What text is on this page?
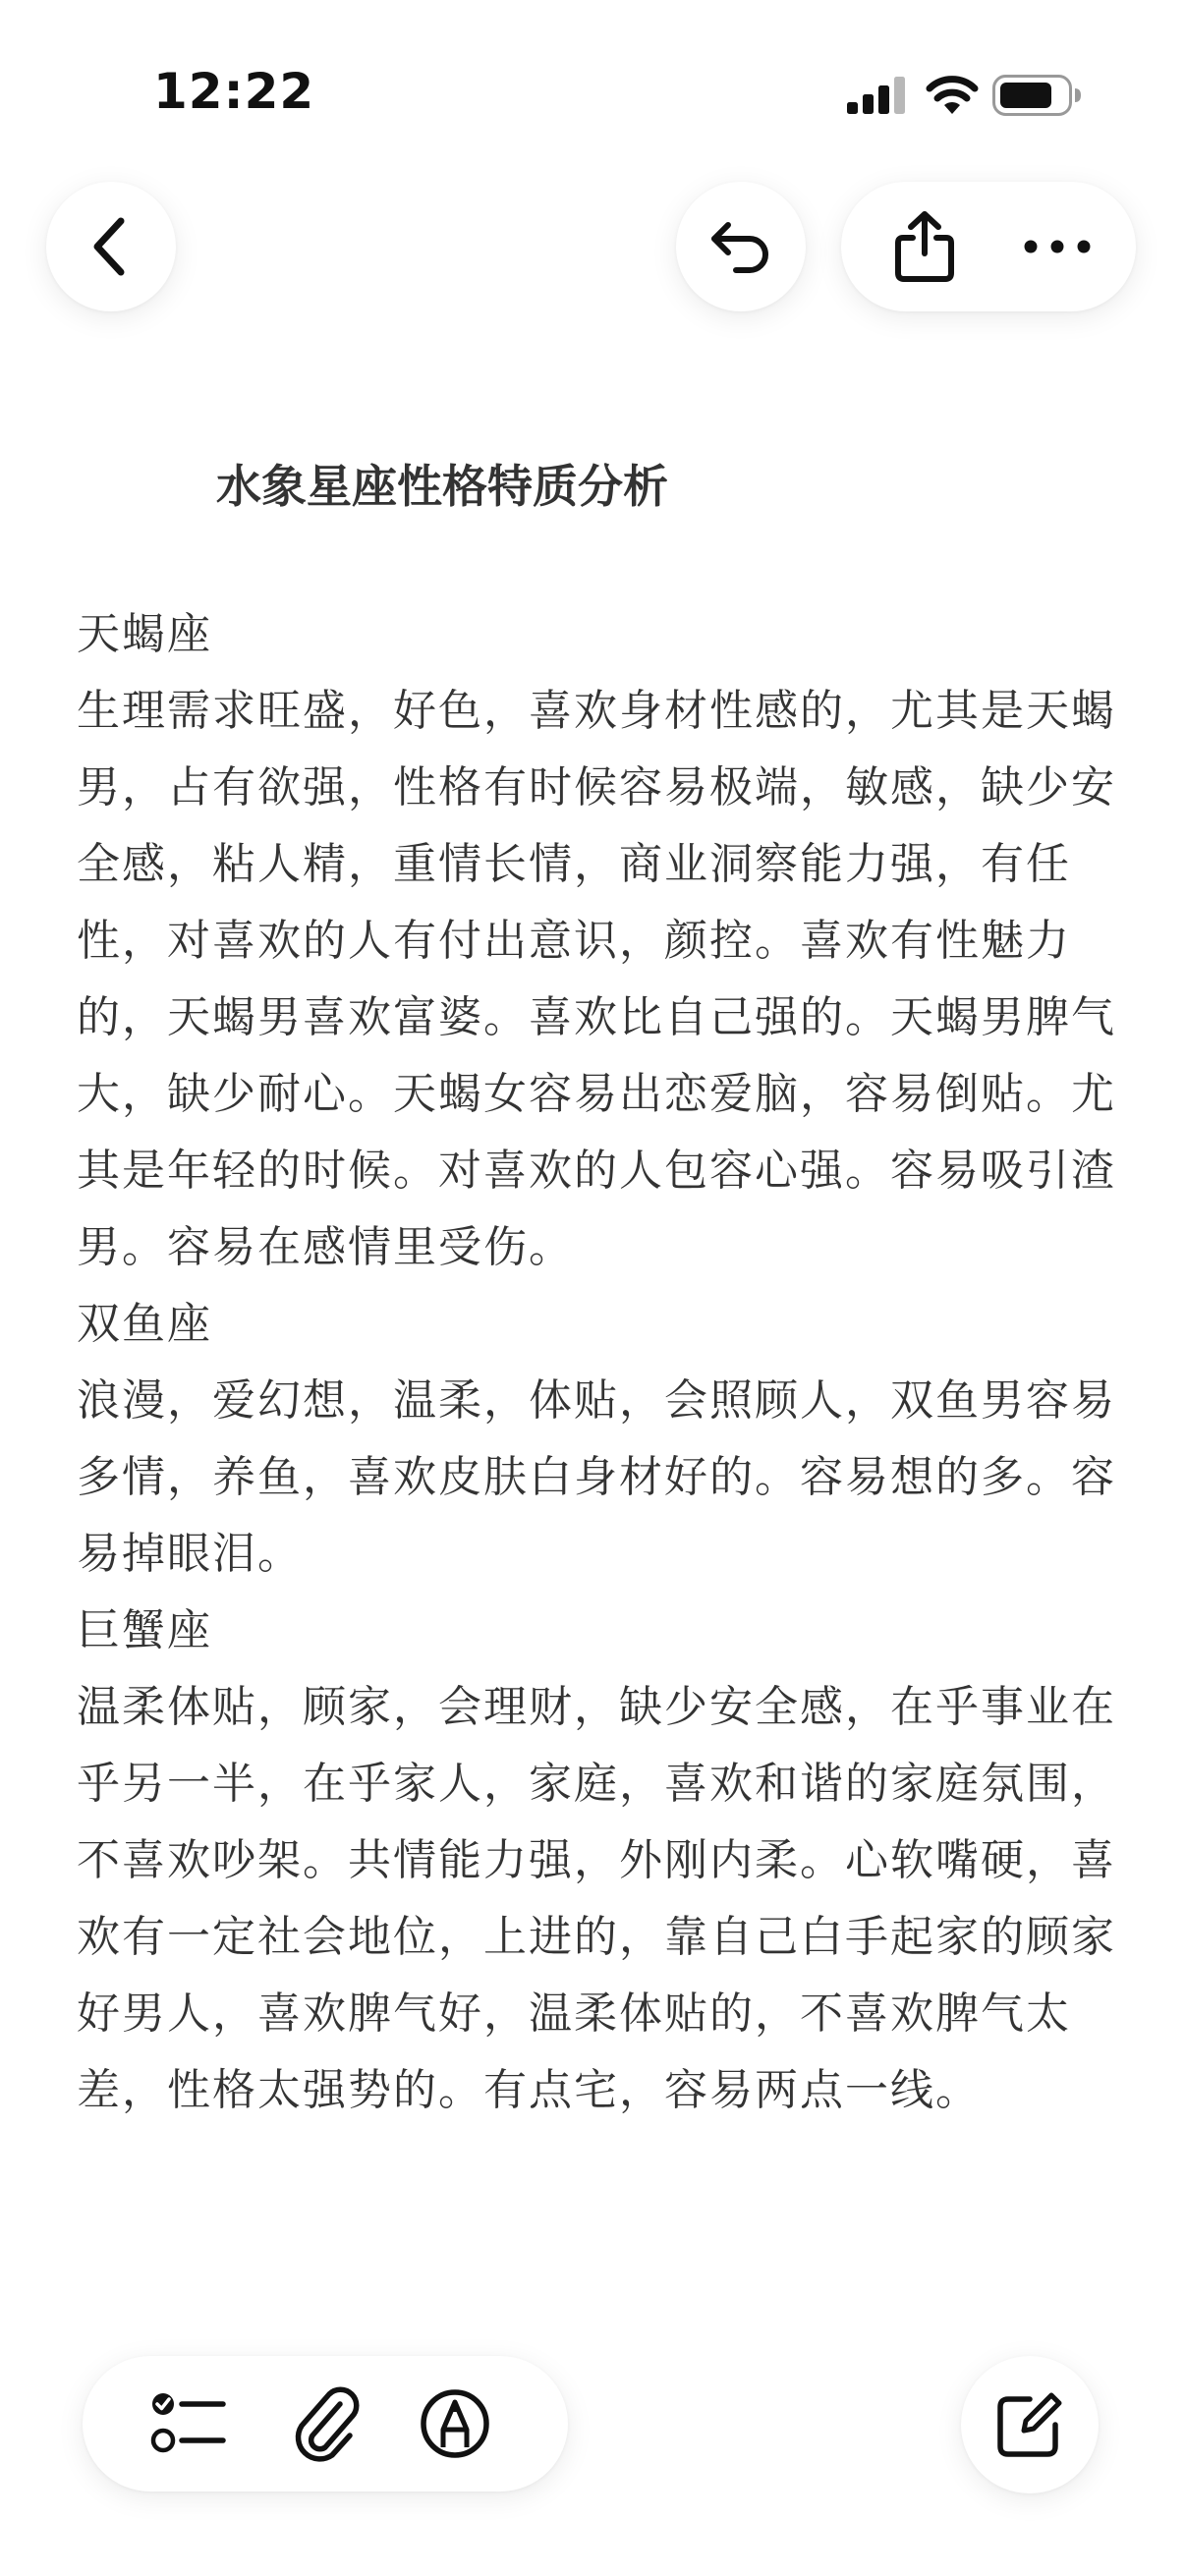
12:22
水象星座性格特质分析
天蝎座
生理需求旺盛，好色，喜欢身材性感的，尤其是天蝎男，占有欲强，性格有时候容易极端，敏感，缺少安全感，粘人精，重情长情，商业洞察能力强，有任性，对喜欢的人有付出意识，颜控。喜欢有性魅力的，天蝎男喜欢富婆。喜欢比自己强的。天蝎男脾气大，缺少耐心。天蝎女容易出恋爱脑，容易倒贴。尤其是年轻的时候。对喜欢的人包容心强。容易吸引渣男。容易在感情里受伤。
双鱼座
浪漫，爱幻想，温柔，体贴，会照顾人，双鱼男容易多情，养鱼，喜欢皮肤白身材好的。容易想的多。容易掉眼泪。
巨蟹座
温柔体贴，顾家，会理财，缺少安全感，在乎事业在乎另一半，在乎家人，家庭，喜欢和谐的家庭氛围，不喜欢吵架。共情能力强，外刚内柔。心软嘴硬，喜欢有一定社会地位，上进的，靠自己白手起家的顾家好男人，喜欢脾气好，温柔体贴的，不喜欢脾气太差，性格太强势的。有点宅，容易两点一线。
